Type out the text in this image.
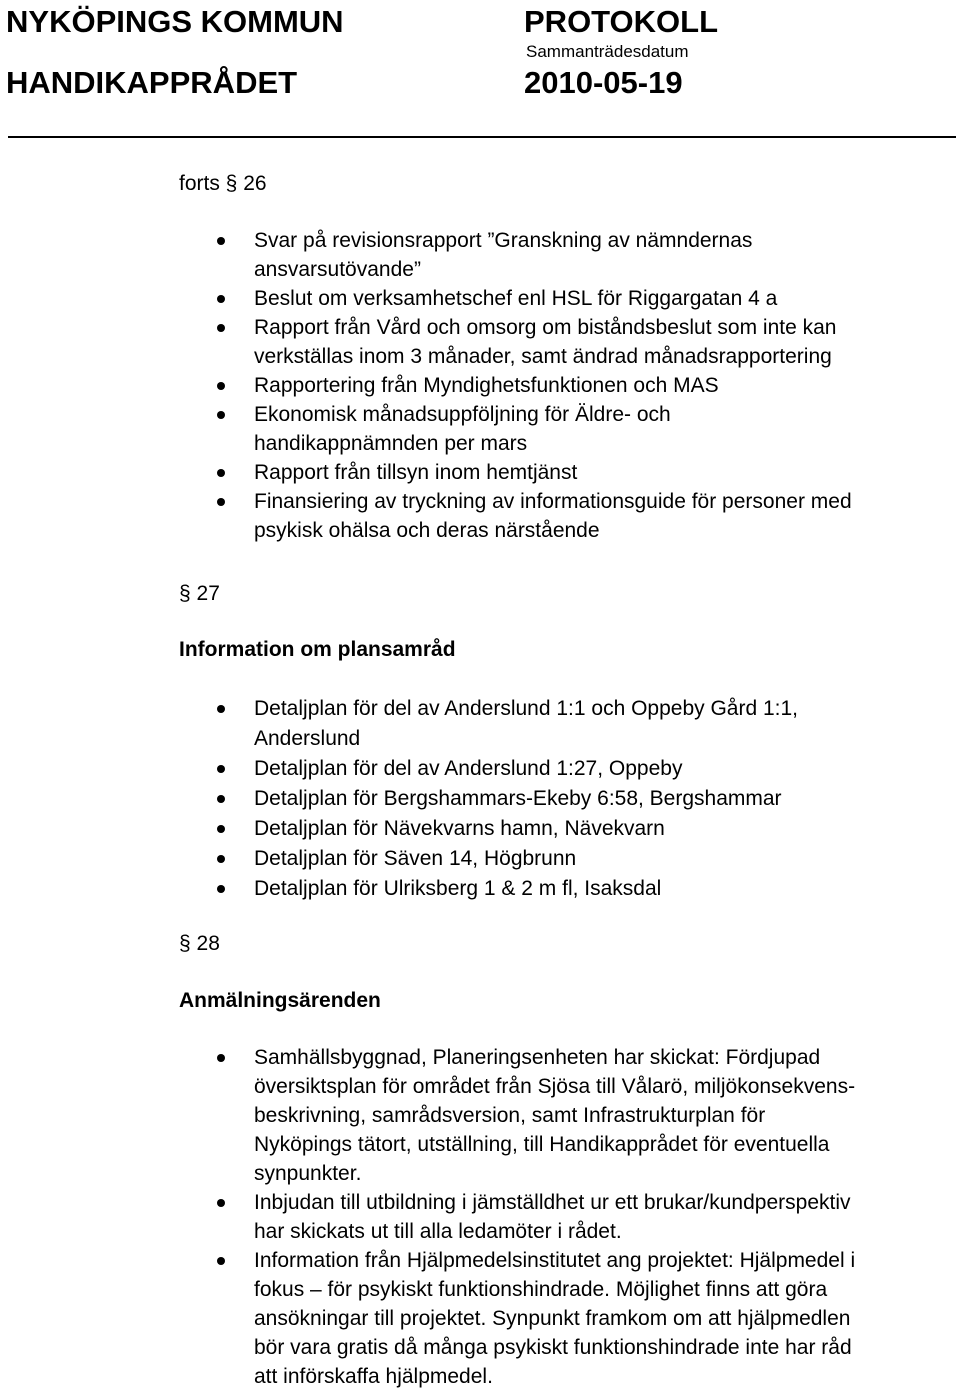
NYKÖPINGS KOMMUN	PROTOKOLL
Sammanträdesdatum
HANDIKAPPRÅDET	2010-05-19
forts § 26
Svar på revisionsrapport ”Granskning av nämndernas
ansvarsutövande”
Beslut om verksamhetschef enl HSL för Riggargatan 4 a
Rapport från Vård och omsorg om biståndsbeslut som inte kan
verkställas inom 3 månader, samt ändrad månadsrapportering
Rapportering från Myndighetsfunktionen och MAS
Ekonomisk månadsuppföljning för Äldre- och
handikappnämnden per mars
Rapport från tillsyn inom hemtjänst
Finansiering av tryckning av informationsguide för personer med
psykisk ohälsa och deras närstående
§ 27
Information om plansamråd
Detaljplan för del av Anderslund 1:1 och Oppeby Gård 1:1,
Anderslund
Detaljplan för del av Anderslund 1:27, Oppeby
Detaljplan för Bergshammars-Ekeby 6:58, Bergshammar
Detaljplan för Nävekvarns hamn, Nävekvarn
Detaljplan för Säven 14, Högbrunn
Detaljplan för Ulriksberg 1 & 2 m fl, Isaksdal
§ 28
Anmälningsärenden
Samhällsbyggnad, Planeringsenheten har skickat: Fördjupad
översiktsplan för området från Sjösa till Vålarö, miljökonsekvens-
beskrivning, samrådsversion, samt Infrastrukturplan för
Nyköpings tätort, utställning, till Handikapprådet för eventuella
synpunkter.
Inbjudan till utbildning i jämställdhet ur ett brukar/kundperspektiv
har skickats ut till alla ledamöter i rådet.
Information från Hjälpmedelsinstitutet ang projektet: Hjälpmedel i
fokus – för psykiskt funktionshindrade. Möjlighet finns att göra
ansökningar till projektet. Synpunkt framkom om att hjälpmedlen
bör vara gratis då många psykiskt funktionshindrade inte har råd
att införskaffa hjälpmedel.
